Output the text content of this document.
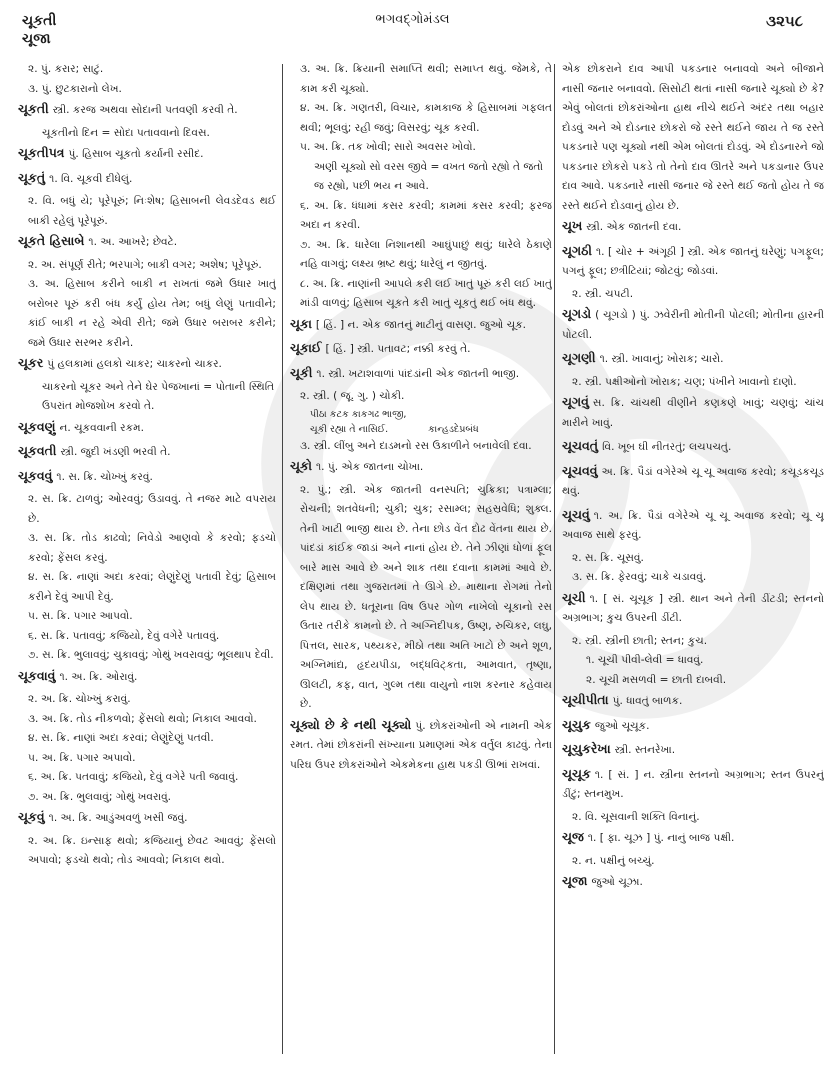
ચૂકતી
ચૂજા
ભગવદ્ગોમંડલ	૩૨૫૮
૨. પું. કરાર; સાટું.
૩. પું. છુટકારાનો લેખ.
ચૂકતી સ્ત્રી. કરજ અથવા સોદાની પતવણી કરવી તે.
ચૂકતીનો દિન = સોદા પતાવવાનો દિવસ.
ચૂકતીપત્ર પું. હિસાબ ચૂકતો કર્યાની રસીદ.
ચૂકતું ૧. વિ. ચૂકવી દીધેલું.
૨. વિ. બધું યે; પૂરેપૂરું; નિઃશેષ; હિસાબની લેવડદેવડ થઈ બાકી રહેલું પૂરેપૂરું.
ચૂકતે હિસાબે ૧. અ. આખરે; છેવટે.
૨. અ. સંપૂર્ણ રીતે; ભરપાગે; બાકી વગર; અશેષ; પૂરેપૂરું.
૩. અ. હિસાબ કરીને બાકી ન રાખતાં જમે ઉધાર ખાતું બરોબર પૂરું કરી બંધ કર્યું હોય તેમ; બધું લેણું પતાવીને; કાંઈ બાકી ન રહે એવી રીતે; જમે ઉધાર બરાબર કરીને; જમે ઉધાર સરભર કરીને.
ચૂકર પું હલકામાં હલકો ચાકર; ચાકરનો ચાકર.
ચાકરનો ચૂકર અને તેને ઘેર પેજખાનાં = પોતાની સ્થિતિ ઉપરાંત મોજશોખ કરવો તે.
ચૂકવણું ન. ચૂકવવાની રકમ.
ચૂકવતી સ્ત્રી. જુદી ખંડણી ભરવી તે.
ચૂકવવું ૧. સ. ક્રિ. ચોખ્ખું કરવું.
૨. સ. ક્રિ. ટાળવું; ઓરવવું; ઉડાવવું. તે નજર માટે વપરાય છે.
૩. સ. ક્રિ. તોડ કાઢવો; નિવેડો આણવો કે કરવો; ફડચો કરવો; ફેંસલ કરવું.
૪. સ. ક્રિ. નાણાં અદા કરવાં; લેણુંદેણું પતાવી દેવું; હિસાબ કરીને દેવું આપી દેવું.
૫. સ. ક્રિ. પગાર આપવો.
૬. સ. ક્રિ. પતાવવું; કજિયો, દેવું વગેરે પતાવવું.
૭. સ. ક્રિ. ભુલાવવું; ચુકાવવું; ગોથું ખવરાવવું; ભૂલથાપ દેવી.
ચૂકવાવું ૧. અ. ક્રિ. ઓરાવું.
૨. અ. ક્રિ. ચોખ્ખું કરાવું.
૩. અ. ક્રિ. તોડ નીકળવો; ફેંસલો થવો; નિકાલ આવવો.
૪. સ. ક્રિ. નાણાં અદા કરવાં; લેણુંદેણું પતવી.
૫. અ. ક્રિ. પગાર અપાવો.
૬. અ. ક્રિ. પતવાવું; કજિયો, દેવું વગેરે પતી જવાવું.
૭. અ. ક્રિ. ભુલવાવું; ગોથું ખવરાવું.
ચૂકવું ૧. અ. ક્રિ. આડુંઅવળું ખસી જવું.
૨. અ. ક્રિ. ઇન્સાફ થવો; કજિયાનું છેવટ આવવું; ફેંસલો અપાવો; ફડચો થવો; તોડ આવવો; નિકાલ થવો.
૩. અ. ક્રિ. ક્રિયાની સમાપ્તિ થવી; સમાપ્ત થવું. જેમકે, તે કામ કરી ચૂક્યો.
૪. અ. ક્રિ. ગણતરી, વિચાર, કામકાજ કે હિસાબમાં ગફલત થવી; ભૂલવું; રહી જવું; વિસરવું; ચૂક કરવી.
૫. અ. ક્રિ. તક ખોવી; સારો અવસર ખોવો.
અણી ચૂક્યો સો વરસ જીવે = વખત જતો રહ્યો તે જતો જ રહ્યો, પછી ભય ન આવે.
૬. અ. ક્રિ. ધંધામાં કસર કરવી; કામમાં કસર કરવી; ફરજ અદા ન કરવી.
૭. અ. ક્રિ. ધારેલા નિશાનથી આઘુંપાછું થવું; ધારેલે ઠેકાણે નહિ વાગવું; લક્ષ્ય ભ્રષ્ટ થવું; ધારેલું ન જીતવું.
૮. અ. ક્રિ. નાણાંની આપલે કરી લઈ ખાતું પૂરું કરી લઈ ખાતું માંડી વાળવું; હિસાબ ચૂકતે કરી ખાતું ચૂકતું થઈ બંધ થવું.
ચૂકા [ હિં. ] ન. એક જાતનું માટીનું વાસણ. જુઓ ચૂક.
ચૂકાઈ [ હિં. ] સ્ત્રી. પતાવટ; નક્કી કરવું તે.
ચૂકી ૧. સ્ત્રી. ખટાશવાળાં પાંદડાંની એક જાતની ભાજી.
૨. સ્ત્રી. ( જૂ. ગુ. ) ચોકી.
પીઠા કટક કાકગઢ ભાજી,
ચૂકી રહ્યા તે નાસિઈ.	કાન્હડદેપ્રબંધ
૩. સ્ત્રી. લીંબુ અને દાડમનો રસ ઉકાળીને બનાવેલી દવા.
ચૂકો ૧. પું. એક જાતના ચોખા.
૨. પું.; સ્ત્રી. એક જાતની વનસ્પતિ; ચુક્રિકા; પત્રામ્લા; રોચની; શતવેધની; ચુકી; ચુક; રસામ્લ; સહસ્રવેધિ; શુક્લ. તેની ખાટી ભાજી થાય છે. તેના છોડ વેંત દોઢ વેંતના થાય છે. પાંદડાં કાંઈક જાડાં અને નાનાં હોય છે. તેને ઝીણાં ધોળાં ફૂલ બારે માસ આવે છે અને શાક તથા દવાના કામમાં આવે છે. દક્ષિણમાં તથા ગુજરાતમાં તે ઊગે છે. માથાના રોગમાં તેનો લેપ થાય છે. ધતૂરાના વિષ ઉપર ગોળ નાખેલો ચૂકાનો રસ ઉતાર તરીકે કામનો છે. તે અગ્નિદીપક, ઉષ્ણ, રુચિકર, લઘુ, પિત્તલ, સારક, પથ્યકર, મીઠો તથા અતિ ખાટો છે અને શૂળ, અગ્નિમાંદ્ય, હૃદયપીડા, બદ્ધવિટ્કતા, આમવાત, તૃષ્ણા, ઊલટી, કફ, વાત, ગુલ્મ તથા વાયુનો નાશ કરનાર કહેવાય છે.
ચૂક્યો છે કે નથી ચૂક્યો પું. છોકરાંઓની એ નામની એક રમત. તેમાં છોકરાંની સંખ્યાના પ્રમાણમાં એક વર્તુલ કાઢવું. તેના પરિઘ ઉપર છોકરાંઓને એકમેકના હાથ પકડી ઊભાં રાખવાં.
એક છોકરાને દાવ આપી પકડનાર બનાવવો અને બીજાને નાસી જનાર બનાવવો. સિસોટી થતાં નાસી જનારે ચૂક્યો છે કે? એવું બોલતાં છોકરાંઓના હાથ નીચે થઈને અંદર તથા બહાર દોડવું અને એ દોડનાર છોકરો જે રસ્તે થઈને જાય તે જ રસ્તે પકડનારે પણ ચૂક્યો નથી એમ બોલતાં દોડવું. એ દોડનારને જો પકડનાર છોકરો પકડે તો તેનો દાવ ઊતરે અને પકડાનાર ઉપર દાવ આવે. પકડનારે નાસી જનાર જે રસ્તે થઈ જતો હોય તે જ રસ્તે થઈને દોડવાનું હોય છે.
ચૂખ સ્ત્રી. એક જાતની દવા.
ચૂગઠી ૧. [ ચોર + અંગૂઠી ] સ્ત્રી. એક જાતનું ઘરેણું; પગફૂલ; પગનું ફૂલ; છત્રીટિયાં; જોટવું; જોડવાં.
૨. સ્ત્રી. ચપટી.
ચૂગડો ( ચૂગડો ) પું. ઝવેરીની મોતીની પોટલી; મોતીના હારની પોટલી.
ચૂગણી ૧. સ્ત્રી. ખાવાનું; ખોરાક; ચારો.
૨. સ્ત્રી. પક્ષીઓનો ખોરાક; ચણ; પંખીને ખાવાનો દાણો.
ચૂગવું સ. ક્રિ. ચાંચથી વીણીને કણકણે ખાવું; ચણવું; ચાંચ મારીને ખાવું.
ચૂચવતું વિ. ખૂબ ઘી નીતરતું; લચપચતું.
ચૂચવવું અ. ક્રિ. પૈડાં વગેરેએ ચૂ ચૂ અવાજ કરવો; કચૂડકચૂડ થવું.
ચૂચવું ૧. અ. ક્રિ. પૈડાં વગેરેએ ચૂ ચૂ અવાજ કરવો; ચૂ ચૂ અવાજ સાથે ફરવું.
૨. સ. ક્રિ. ચૂસવું.
૩. સ. ક્રિ. ફેરવવું; ચાકે ચડાવવું.
ચૂચી ૧. [ સં. ચૂચૂક ] સ્ત્રી. થાન અને તેની ડીંટડી; સ્તનનો અગ્રભાગ; કુચ ઉપરની ડીંટી.
૨. સ્ત્રી. સ્ત્રીની છાતી; સ્તન; કુચ.
૧. ચૂચી પીવી-લેવી = ધાવવું.
૨. ચૂચી મસળવી = છાતી દાબવી.
ચૂચીપીતા પું. ધાવતું બાળક.
ચૂચુક જુઓ ચૂચૂક.
ચૂચુકરેખા સ્ત્રી. સ્તનરેખા.
ચૂચૂક ૧. [ સં. ] ન. સ્ત્રીના સ્તનનો અગ્રભાગ; સ્તન ઉપરનું ડીંટું; સ્તનમુખ.
૨. વિ. ચૂસવાની શક્તિ વિનાનું.
ચૂજ ૧. [ ફા. ચૂઝ ] પું. નાનું બાજ પક્ષી.
૨. ન. પક્ષીનું બચ્ચું.
ચૂજા જુઓ ચૂઝા.
